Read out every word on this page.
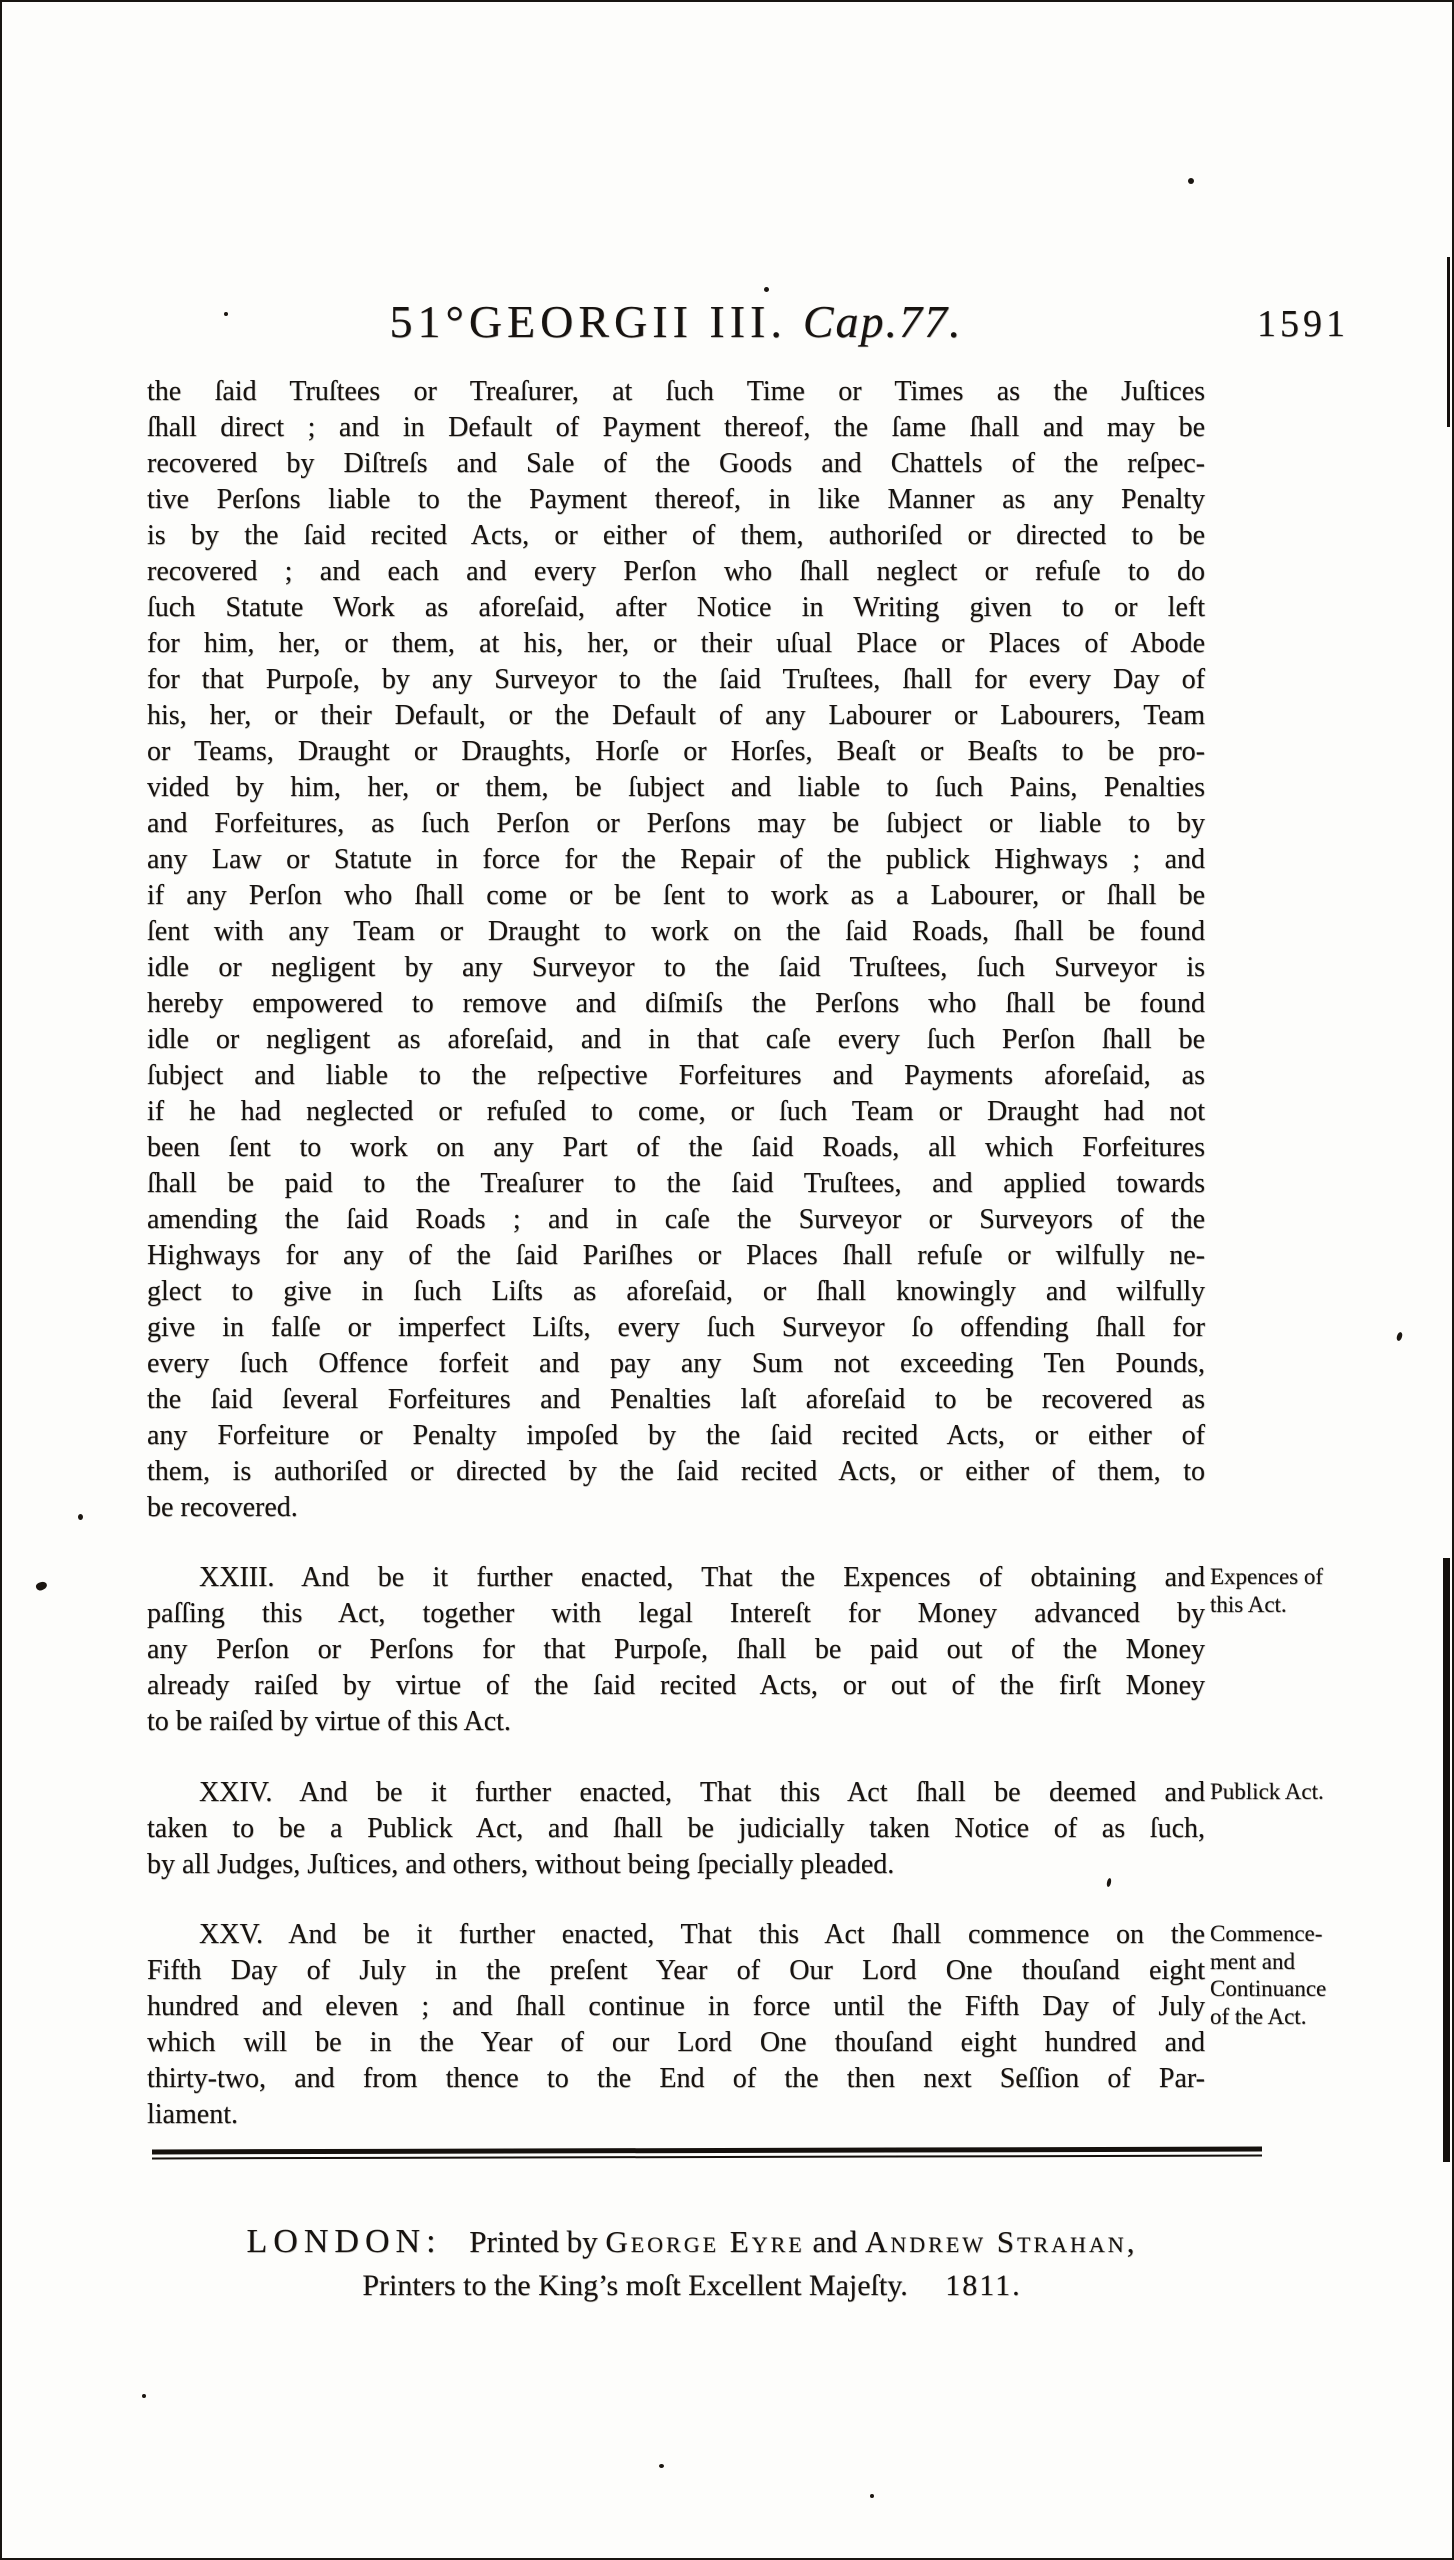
51°GEORGII III. Cap.77.	1591
the ſaid Truſtees or Treaſurer, at ſuch Time or Times as the Juſtices
ſhall direct ; and in Default of Payment thereof, the ſame ſhall and may be
recovered by Diſtreſs and Sale of the Goods and Chattels of the reſpec-
tive Perſons liable to the Payment thereof, in like Manner as any Penalty
is by the ſaid recited Acts, or either of them, authoriſed or directed to be
recovered ; and each and every Perſon who ſhall neglect or refuſe to do
ſuch Statute Work as aforeſaid, after Notice in Writing given to or left
for him, her, or them, at his, her, or their uſual Place or Places of Abode
for that Purpoſe, by any Surveyor to the ſaid Truſtees, ſhall for every Day of
his, her, or their Default, or the Default of any Labourer or Labourers, Team
or Teams, Draught or Draughts, Horſe or Horſes, Beaſt or Beaſts to be pro-
vided by him, her, or them, be ſubject and liable to ſuch Pains, Penalties
and Forfeitures, as ſuch Perſon or Perſons may be ſubject or liable to by
any Law or Statute in force for the Repair of the publick Highways ; and
if any Perſon who ſhall come or be ſent to work as a Labourer, or ſhall be
ſent with any Team or Draught to work on the ſaid Roads, ſhall be found
idle or negligent by any Surveyor to the ſaid Truſtees, ſuch Surveyor is
hereby empowered to remove and diſmiſs the Perſons who ſhall be found
idle or negligent as aforeſaid, and in that caſe every ſuch Perſon ſhall be
ſubject and liable to the reſpective Forfeitures and Payments aforeſaid, as
if he had neglected or refuſed to come, or ſuch Team or Draught had not
been ſent to work on any Part of the ſaid Roads, all which Forfeitures
ſhall be paid to the Treaſurer to the ſaid Truſtees, and applied towards
amending the ſaid Roads ; and in caſe the Surveyor or Surveyors of the
Highways for any of the ſaid Pariſhes or Places ſhall refuſe or wilfully ne-
glect to give in ſuch Liſts as aforeſaid, or ſhall knowingly and wilfully
give in falſe or imperfect Liſts, every ſuch Surveyor ſo offending ſhall for
every ſuch Offence forfeit and pay any Sum not exceeding Ten Pounds,
the ſaid ſeveral Forfeitures and Penalties laſt aforeſaid to be recovered as
any Forfeiture or Penalty impoſed by the ſaid recited Acts, or either of
them, is authoriſed or directed by the ſaid recited Acts, or either of them, to
be recovered.
XXIII. And be it further enacted, That the Expences of obtaining and
paſſing this Act, together with legal Intereſt for Money advanced by
any Perſon or Perſons for that Purpoſe, ſhall be paid out of the Money
already raiſed by virtue of the ſaid recited Acts, or out of the firſt Money
to be raiſed by virtue of this Act.
Expences of
this Act.
XXIV. And be it further enacted, That this Act ſhall be deemed and
taken to be a Publick Act, and ſhall be judicially taken Notice of as ſuch,
by all Judges, Juſtices, and others, without being ſpecially pleaded.
Publick Act.
XXV. And be it further enacted, That this Act ſhall commence on the
Fifth Day of July in the preſent Year of Our Lord One thouſand eight
hundred and eleven ; and ſhall continue in force until the Fifth Day of July
which will be in the Year of our Lord One thouſand eight hundred and
thirty-two, and from thence to the End of the then next Seſſion of Par-
liament.
Commence-
ment and
Continuance
of the Act.
LONDON: Printed by George Eyre and Andrew Strahan,
Printers to the King’s moſt Excellent Majeſty. 1811.
